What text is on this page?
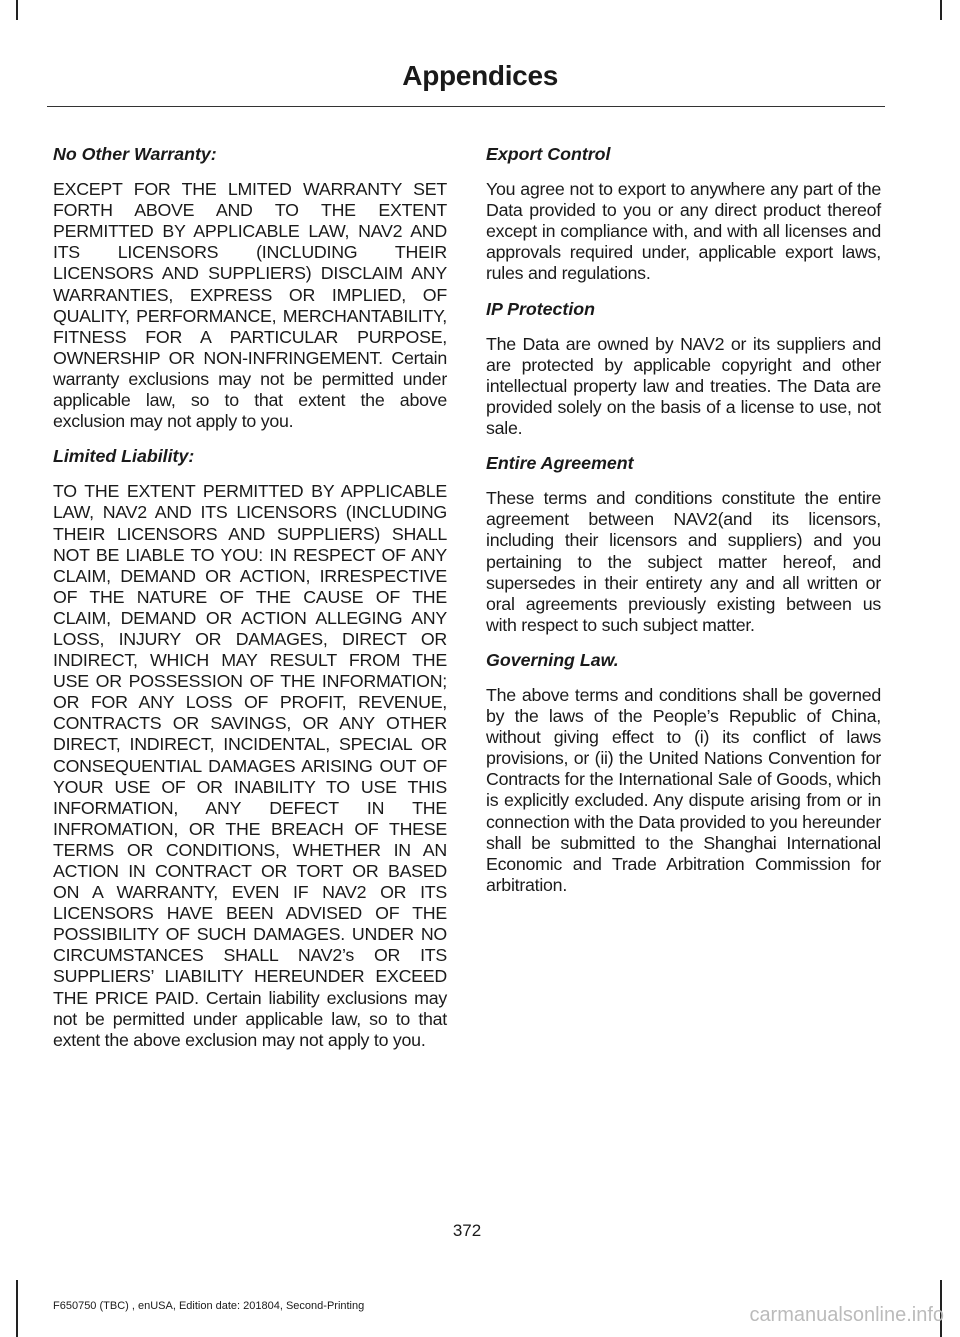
Appendices

No Other Warranty:

EXCEPT FOR THE LMITED WARRANTY SET FORTH ABOVE AND TO THE EXTENT PERMITTED BY APPLICABLE LAW, NAV2 AND ITS LICENSORS (INCLUDING THEIR LICENSORS AND SUPPLIERS) DISCLAIM ANY WARRANTIES, EXPRESS OR IMPLIED, OF QUALITY, PERFORMANCE, MERCHANTABILITY, FITNESS FOR A PARTICULAR PURPOSE, OWNERSHIP OR NON-INFRINGEMENT. Certain warranty exclusions may not be permitted under applicable law, so to that extent the above exclusion may not apply to you.

Limited Liability:

TO THE EXTENT PERMITTED BY APPLICABLE LAW, NAV2 AND ITS LICENSORS (INCLUDING THEIR LICENSORS AND SUPPLIERS) SHALL NOT BE LIABLE TO YOU: IN RESPECT OF ANY CLAIM, DEMAND OR ACTION, IRRESPECTIVE OF THE NATURE OF THE CAUSE OF THE CLAIM, DEMAND OR ACTION ALLEGING ANY LOSS, INJURY OR DAMAGES, DIRECT OR INDIRECT, WHICH MAY RESULT FROM THE USE OR POSSESSION OF THE INFORMATION; OR FOR ANY LOSS OF PROFIT, REVENUE, CONTRACTS OR SAVINGS, OR ANY OTHER DIRECT, INDIRECT, INCIDENTAL, SPECIAL OR CONSEQUENTIAL DAMAGES ARISING OUT OF YOUR USE OF OR INABILITY TO USE THIS INFORMATION, ANY DEFECT IN THE INFROMATION, OR THE BREACH OF THESE TERMS OR CONDITIONS, WHETHER IN AN ACTION IN CONTRACT OR TORT OR BASED ON A WARRANTY, EVEN IF NAV2 OR ITS LICENSORS HAVE BEEN ADVISED OF THE POSSIBILITY OF SUCH DAMAGES. UNDER NO CIRCUMSTANCES SHALL NAV2’s OR ITS SUPPLIERS’ LIABILITY HEREUNDER EXCEED THE PRICE PAID. Certain liability exclusions may not be permitted under applicable law, so to that extent the above exclusion may not apply to you.

Export Control

You agree not to export to anywhere any part of the Data provided to you or any direct product thereof except in compliance with, and with all licenses and approvals required under, applicable export laws, rules and regulations.

IP Protection

The Data are owned by NAV2 or its suppliers and are protected by applicable copyright and other intellectual property law and treaties. The Data are provided solely on the basis of a license to use, not sale.

Entire Agreement

These terms and conditions constitute the entire agreement between NAV2(and its licensors, including their licensors and suppliers) and you pertaining to the subject matter hereof, and supersedes in their entirety any and all written or oral agreements previously existing between us with respect to such subject matter.

Governing Law.

The above terms and conditions shall be governed by the laws of the People’s Republic of China, without giving effect to (i) its conflict of laws provisions, or (ii) the United Nations Convention for Contracts for the International Sale of Goods, which is explicitly excluded. Any dispute arising from or in connection with the Data provided to you hereunder shall be submitted to the Shanghai International Economic and Trade Arbitration Commission for arbitration.

372
F650750 (TBC) , enUSA, Edition date: 201804, Second-Printing	carmanualsonline.info
